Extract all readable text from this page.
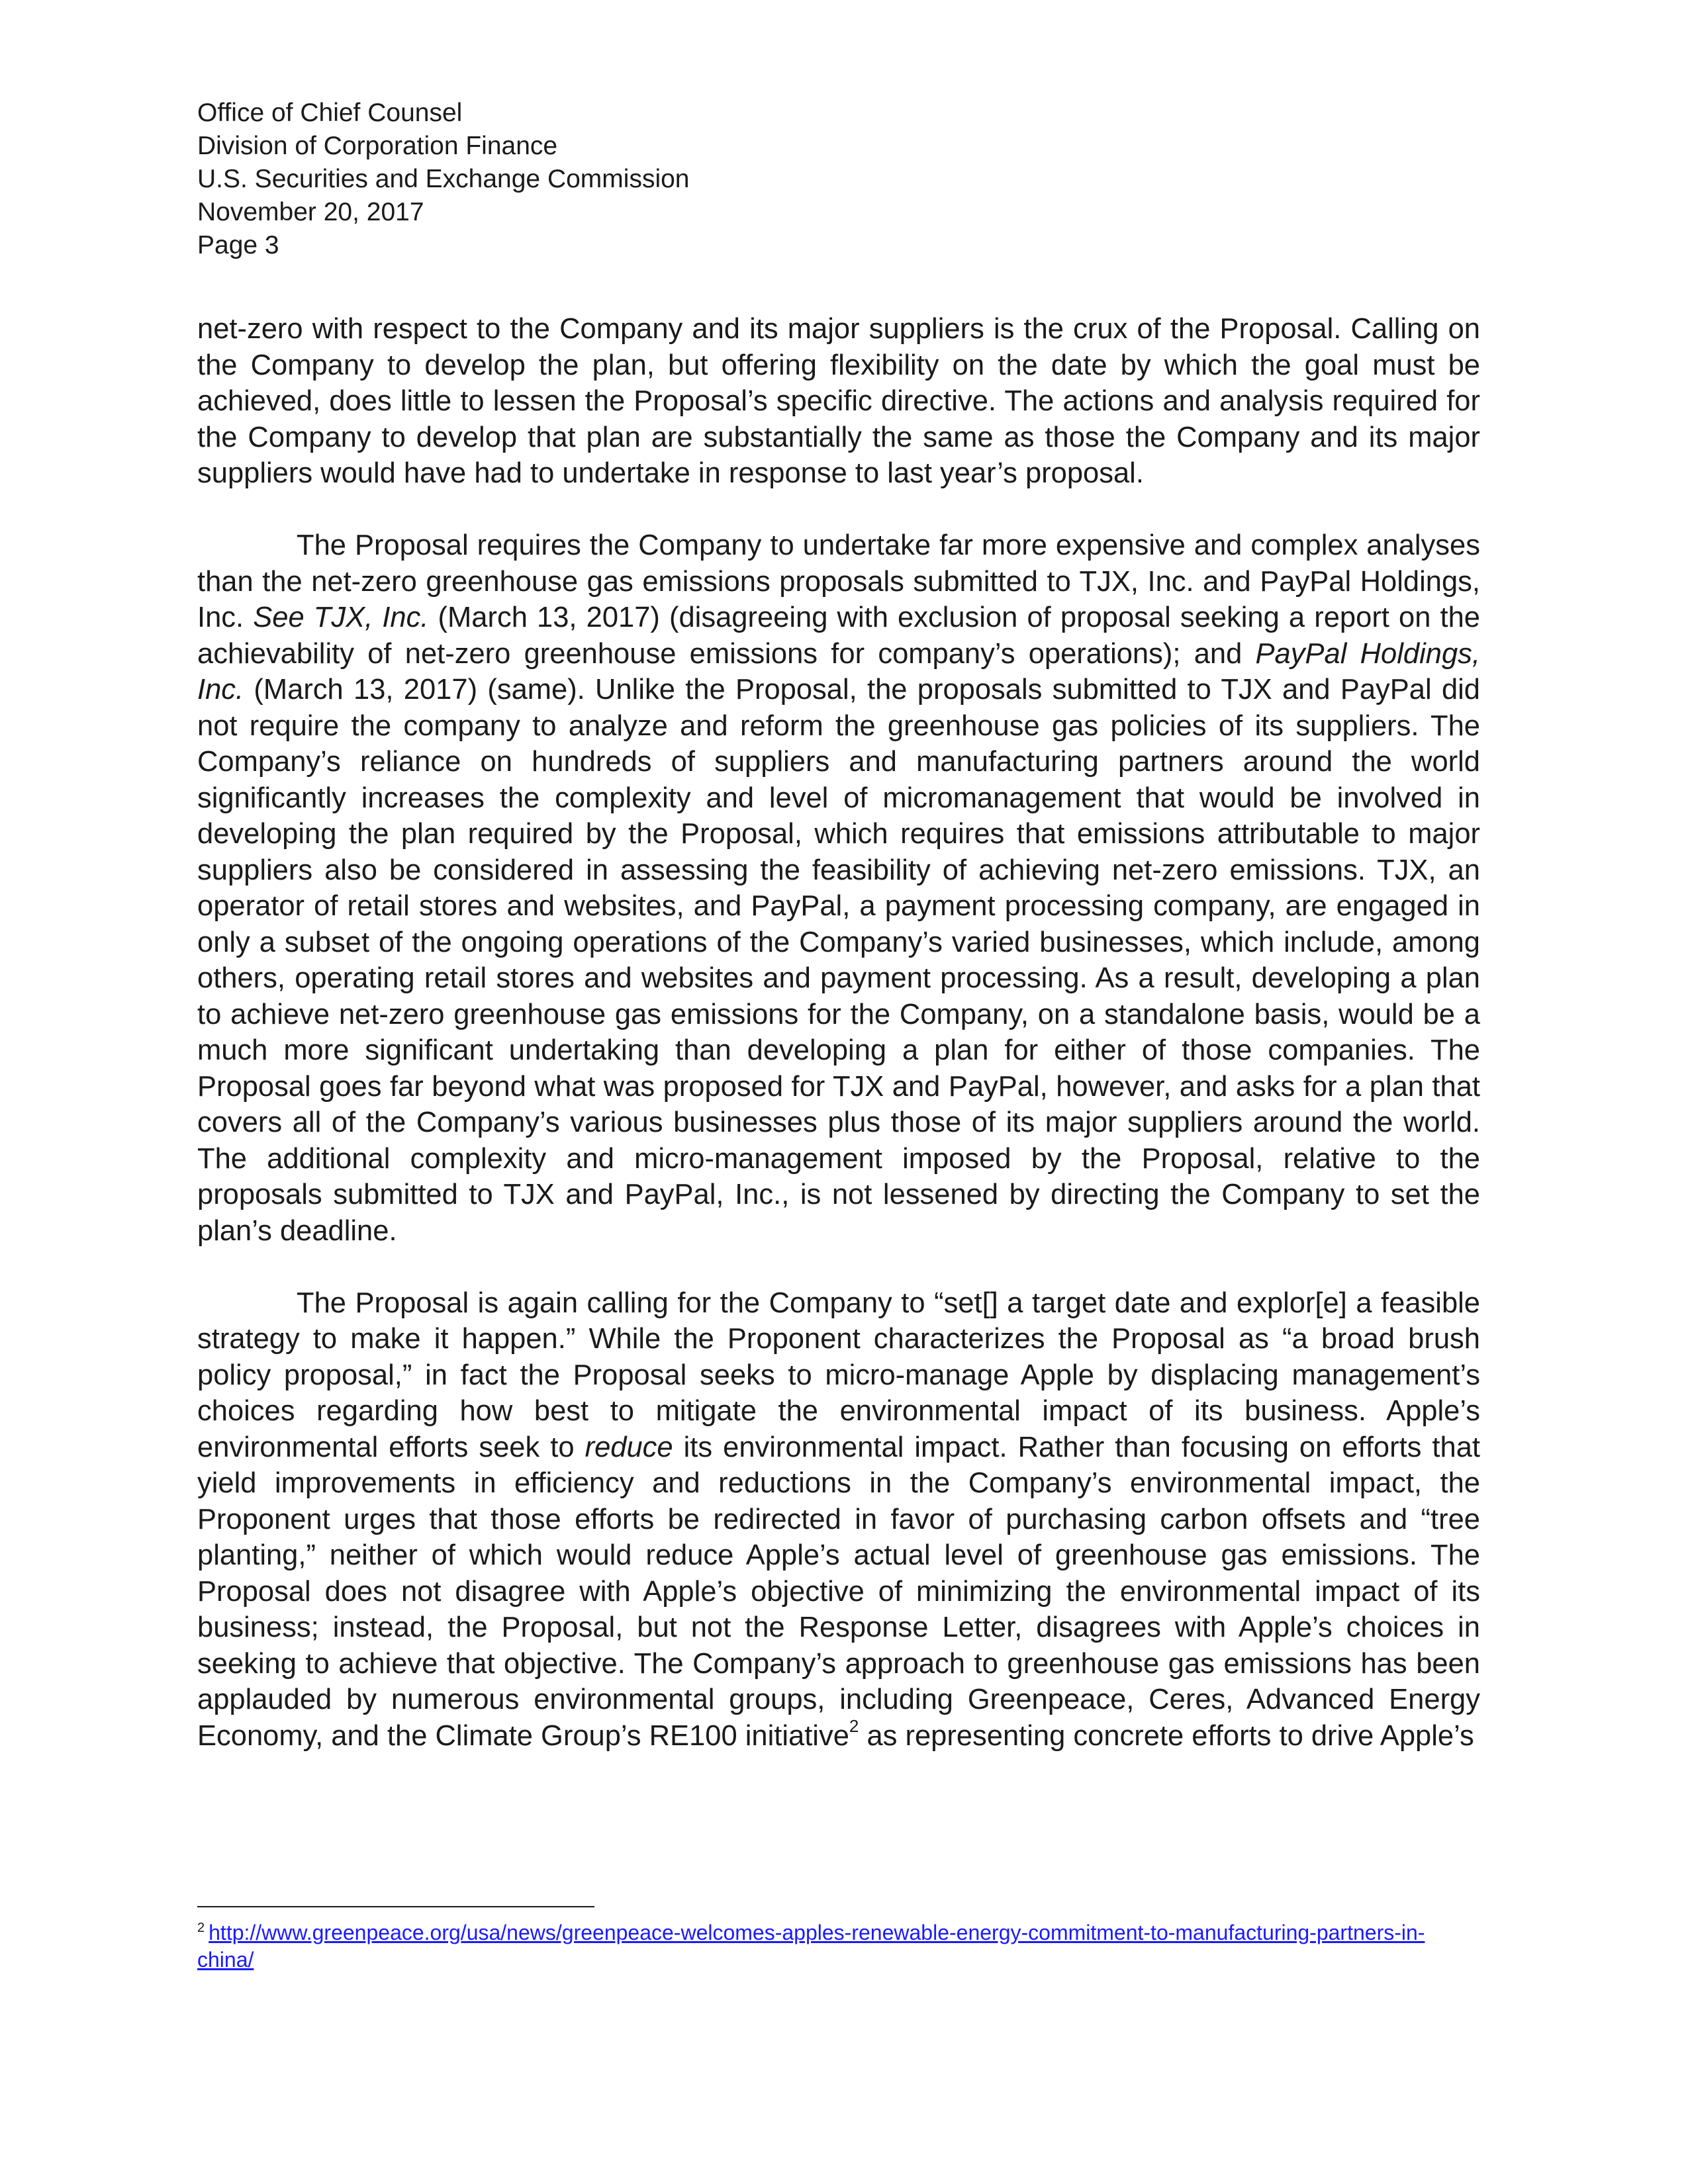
Office of Chief Counsel
Division of Corporation Finance
U.S. Securities and Exchange Commission
November 20, 2017
Page 3

net-zero with respect to the Company and its major suppliers is the crux of the Proposal. Calling on the Company to develop the plan, but offering flexibility on the date by which the goal must be achieved, does little to lessen the Proposal’s specific directive. The actions and analysis required for the Company to develop that plan are substantially the same as those the Company and its major suppliers would have had to undertake in response to last year’s proposal.

The Proposal requires the Company to undertake far more expensive and complex analyses than the net-zero greenhouse gas emissions proposals submitted to TJX, Inc. and PayPal Holdings, Inc. See TJX, Inc. (March 13, 2017) (disagreeing with exclusion of proposal seeking a report on the achievability of net-zero greenhouse emissions for company’s operations); and PayPal Holdings, Inc. (March 13, 2017) (same). Unlike the Proposal, the proposals submitted to TJX and PayPal did not require the company to analyze and reform the greenhouse gas policies of its suppliers. The Company’s reliance on hundreds of suppliers and manufacturing partners around the world significantly increases the complexity and level of micromanagement that would be involved in developing the plan required by the Proposal, which requires that emissions attributable to major suppliers also be considered in assessing the feasibility of achieving net-zero emissions. TJX, an operator of retail stores and websites, and PayPal, a payment processing company, are engaged in only a subset of the ongoing operations of the Company’s varied businesses, which include, among others, operating retail stores and websites and payment processing. As a result, developing a plan to achieve net-zero greenhouse gas emissions for the Company, on a standalone basis, would be a much more significant undertaking than developing a plan for either of those companies. The Proposal goes far beyond what was proposed for TJX and PayPal, however, and asks for a plan that covers all of the Company’s various businesses plus those of its major suppliers around the world. The additional complexity and micro-management imposed by the Proposal, relative to the proposals submitted to TJX and PayPal, Inc., is not lessened by directing the Company to set the plan’s deadline.

The Proposal is again calling for the Company to “set[] a target date and explor[e] a feasible strategy to make it happen.” While the Proponent characterizes the Proposal as “a broad brush policy proposal,” in fact the Proposal seeks to micro-manage Apple by displacing management’s choices regarding how best to mitigate the environmental impact of its business. Apple’s environmental efforts seek to reduce its environmental impact. Rather than focusing on efforts that yield improvements in efficiency and reductions in the Company’s environmental impact, the Proponent urges that those efforts be redirected in favor of purchasing carbon offsets and “tree planting,” neither of which would reduce Apple’s actual level of greenhouse gas emissions. The Proposal does not disagree with Apple’s objective of minimizing the environmental impact of its business; instead, the Proposal, but not the Response Letter, disagrees with Apple’s choices in seeking to achieve that objective. The Company’s approach to greenhouse gas emissions has been applauded by numerous environmental groups, including Greenpeace, Ceres, Advanced Energy Economy, and the Climate Group’s RE100 initiative$^2$ as representing concrete efforts to drive Apple’s

$^2$ http://www.greenpeace.org/usa/news/greenpeace-welcomes-apples-renewable-energy-commitment-to-manufacturing-partners-in-china/
